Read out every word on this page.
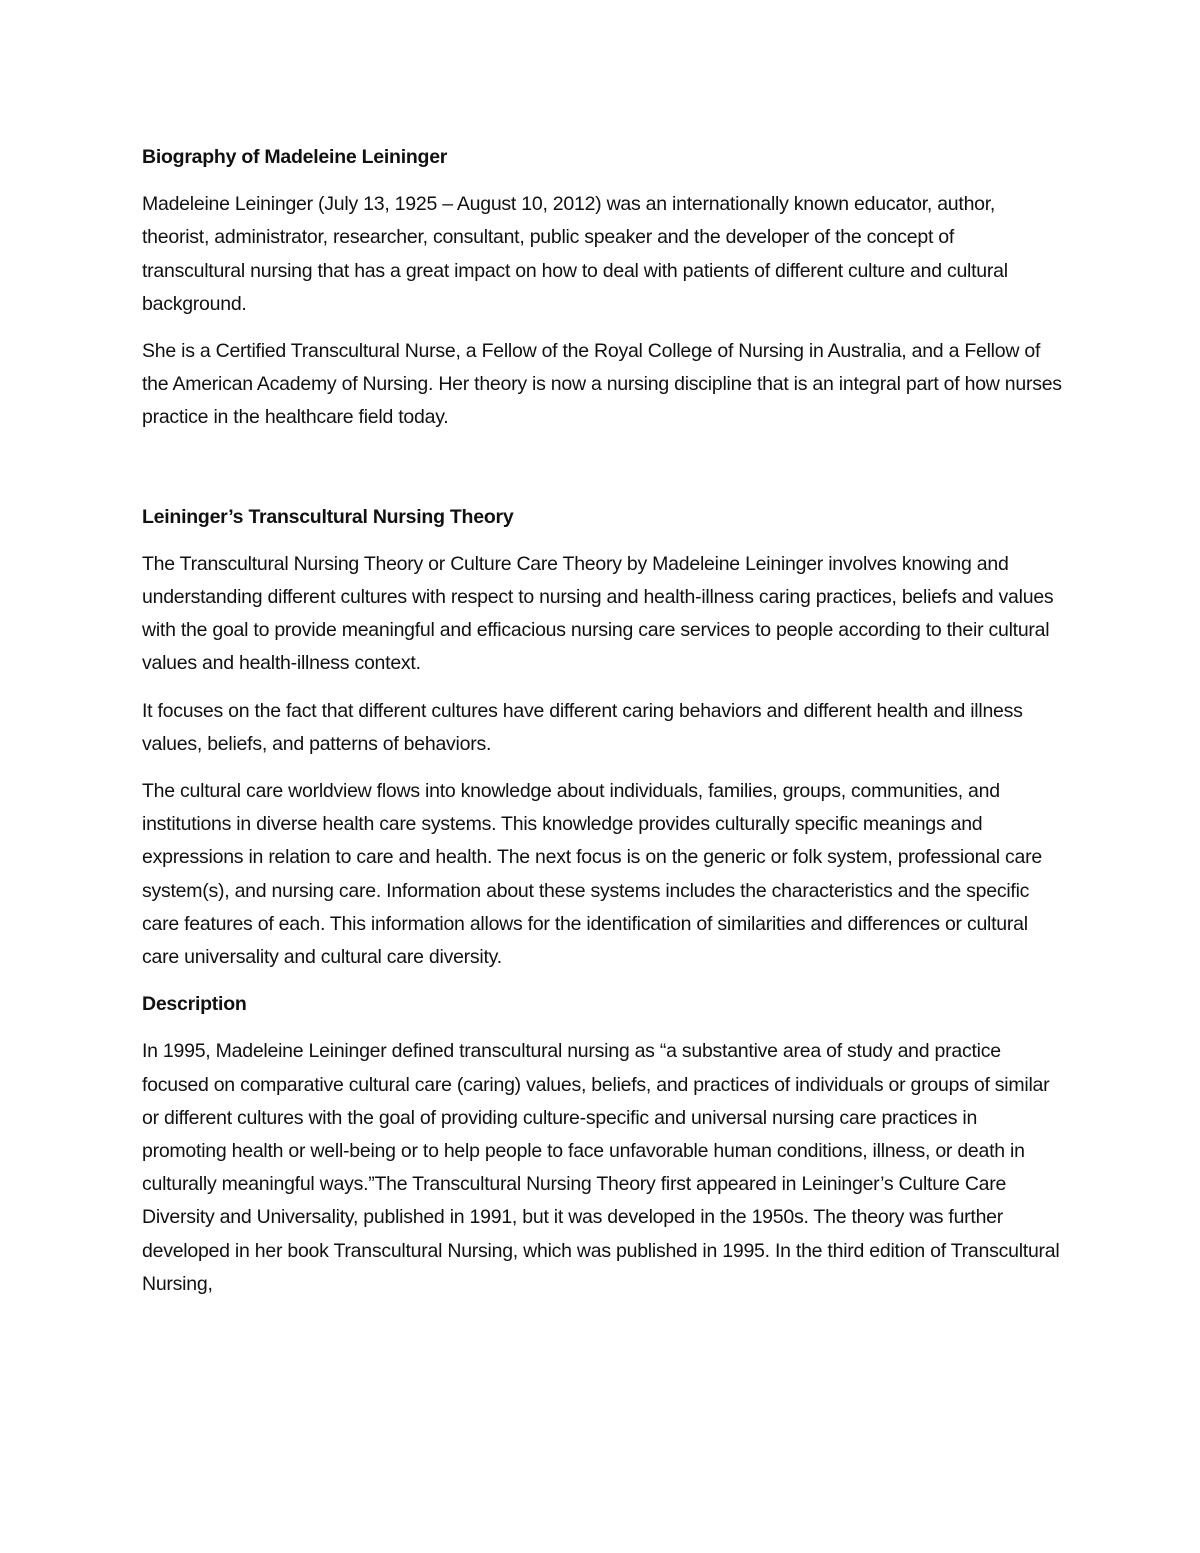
Biography of Madeleine Leininger
Madeleine Leininger (July 13, 1925 – August 10, 2012) was an internationally known educator, author, theorist, administrator, researcher, consultant, public speaker and the developer of the concept of transcultural nursing that has a great impact on how to deal with patients of different culture and cultural background.
She is a Certified Transcultural Nurse, a Fellow of the Royal College of Nursing in Australia, and a Fellow of the American Academy of Nursing. Her theory is now a nursing discipline that is an integral part of how nurses practice in the healthcare field today.
Leininger’s Transcultural Nursing Theory
The Transcultural Nursing Theory or Culture Care Theory by Madeleine Leininger involves knowing and understanding different cultures with respect to nursing and health-illness caring practices, beliefs and values with the goal to provide meaningful and efficacious nursing care services to people according to their cultural values and health-illness context.
It focuses on the fact that different cultures have different caring behaviors and different health and illness values, beliefs, and patterns of behaviors.
The cultural care worldview flows into knowledge about individuals, families, groups, communities, and institutions in diverse health care systems. This knowledge provides culturally specific meanings and expressions in relation to care and health. The next focus is on the generic or folk system, professional care system(s), and nursing care. Information about these systems includes the characteristics and the specific care features of each. This information allows for the identification of similarities and differences or cultural care universality and cultural care diversity.
Description
In 1995, Madeleine Leininger defined transcultural nursing as “a substantive area of study and practice focused on comparative cultural care (caring) values, beliefs, and practices of individuals or groups of similar or different cultures with the goal of providing culture-specific and universal nursing care practices in promoting health or well-being or to help people to face unfavorable human conditions, illness, or death in culturally meaningful ways.”The Transcultural Nursing Theory first appeared in Leininger’s Culture Care Diversity and Universality, published in 1991, but it was developed in the 1950s. The theory was further developed in her book Transcultural Nursing, which was published in 1995. In the third edition of Transcultural Nursing,
